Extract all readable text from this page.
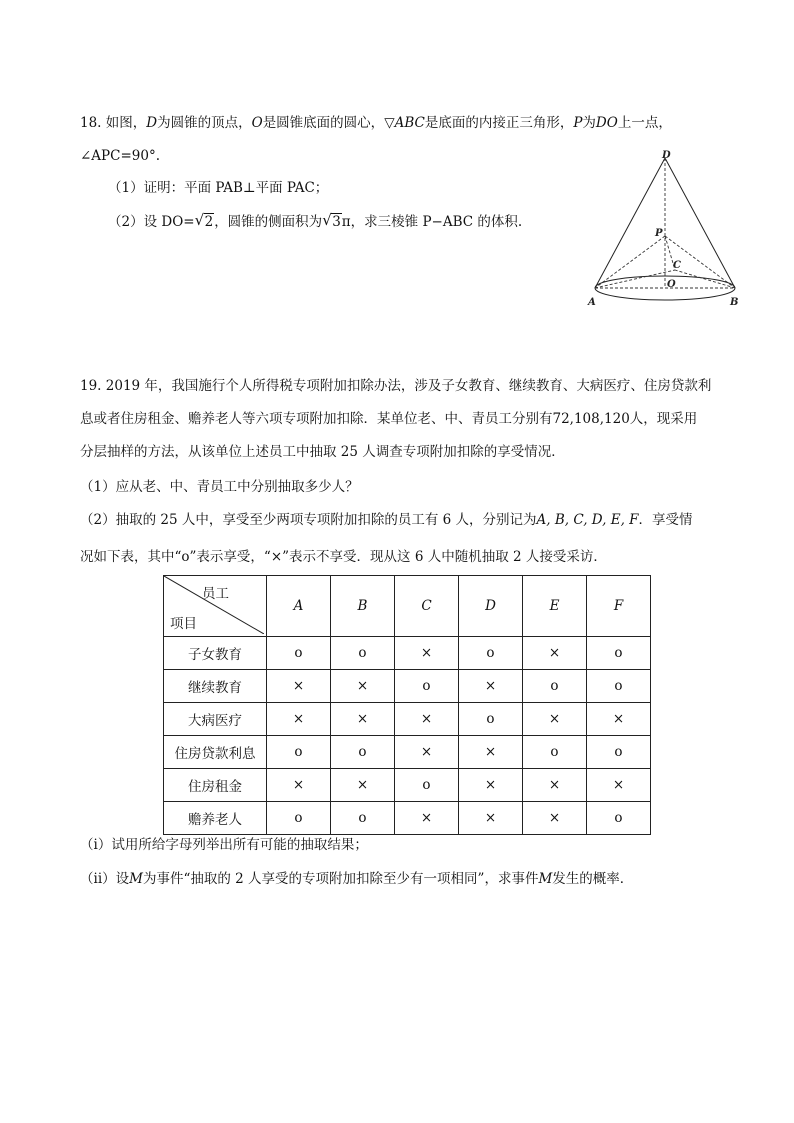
18. 如图，D为圆锥的顶点，O是圆锥底面的圆心，▽ABC是底面的内接正三角形，P为DO上一点，
∠APC=90°.
（1）证明：平面 PAB⊥平面 PAC；
（2）设 DO= √ 2，圆锥的侧面积为 √ 3π，求三棱锥 P−ABC 的体积.
D
P
C
O
A	B
19. 2019 年，我国施行个人所得税专项附加扣除办法，涉及子女教育、继续教育、大病医疗、住房贷款利
息或者住房租金、赡养老人等六项专项附加扣除．某单位老、中、青员工分别有72,108,120人，现采用
分层抽样的方法，从该单位上述员工中抽取 25 人调查专项附加扣除的享受情况．
（1）应从老、中、青员工中分别抽取多少人？
（2）抽取的 25 人中，享受至少两项专项附加扣除的员工有 6 人，分别记为A, B, C, D, E, F．享受情
况如下表，其中“o”表示享受，“×”表示不享受．现从这 6 人中随机抽取 2 人接受采访．
员工
项目	A	B	C	D	E	F
子女教育	o	o	×	o	×	o
继续教育	×	×	o	×	o	o
大病医疗	×	×	×	o	×	×
住房贷款利息	o	o	×	×	o	o
住房租金	×	×	o	×	×	×
赡养老人	o	o	×	×	×	o
（i）试用所给字母列举出所有可能的抽取结果；
（ii）设M为事件“抽取的 2 人享受的专项附加扣除至少有一项相同”，求事件M发生的概率．
